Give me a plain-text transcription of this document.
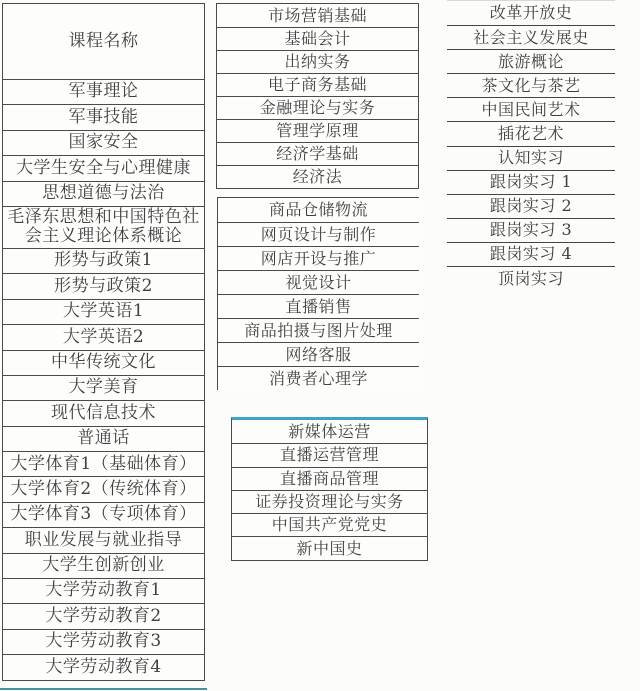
课程名称
军事理论
军事技能
国家安全
大学生安全与心理健康
思想道德与法治
毛泽东思想和中国特色社会主义理论体系概论
形势与政策1
形势与政策2
大学英语1
大学英语2
中华传统文化
大学美育
现代信息技术
普通话
大学体育1（基础体育）
大学体育2（传统体育）
大学体育3（专项体育）
职业发展与就业指导
大学生创新创业
大学劳动教育1
大学劳动教育2
大学劳动教育3
大学劳动教育4
市场营销基础
基础会计
出纳实务
电子商务基础
金融理论与实务
管理学原理
经济学基础
经济法
商品仓储物流
网页设计与制作
网店开设与推广
视觉设计
直播销售
商品拍摄与图片处理
网络客服
消费者心理学
新媒体运营
直播运营管理
直播商品管理
证券投资理论与实务
中国共产党党史
新中国史
改革开放史
社会主义发展史
旅游概论
茶文化与茶艺
中国民间艺术
插花艺术
认知实习
跟岗实习 1
跟岗实习 2
跟岗实习 3
跟岗实习 4
顶岗实习
